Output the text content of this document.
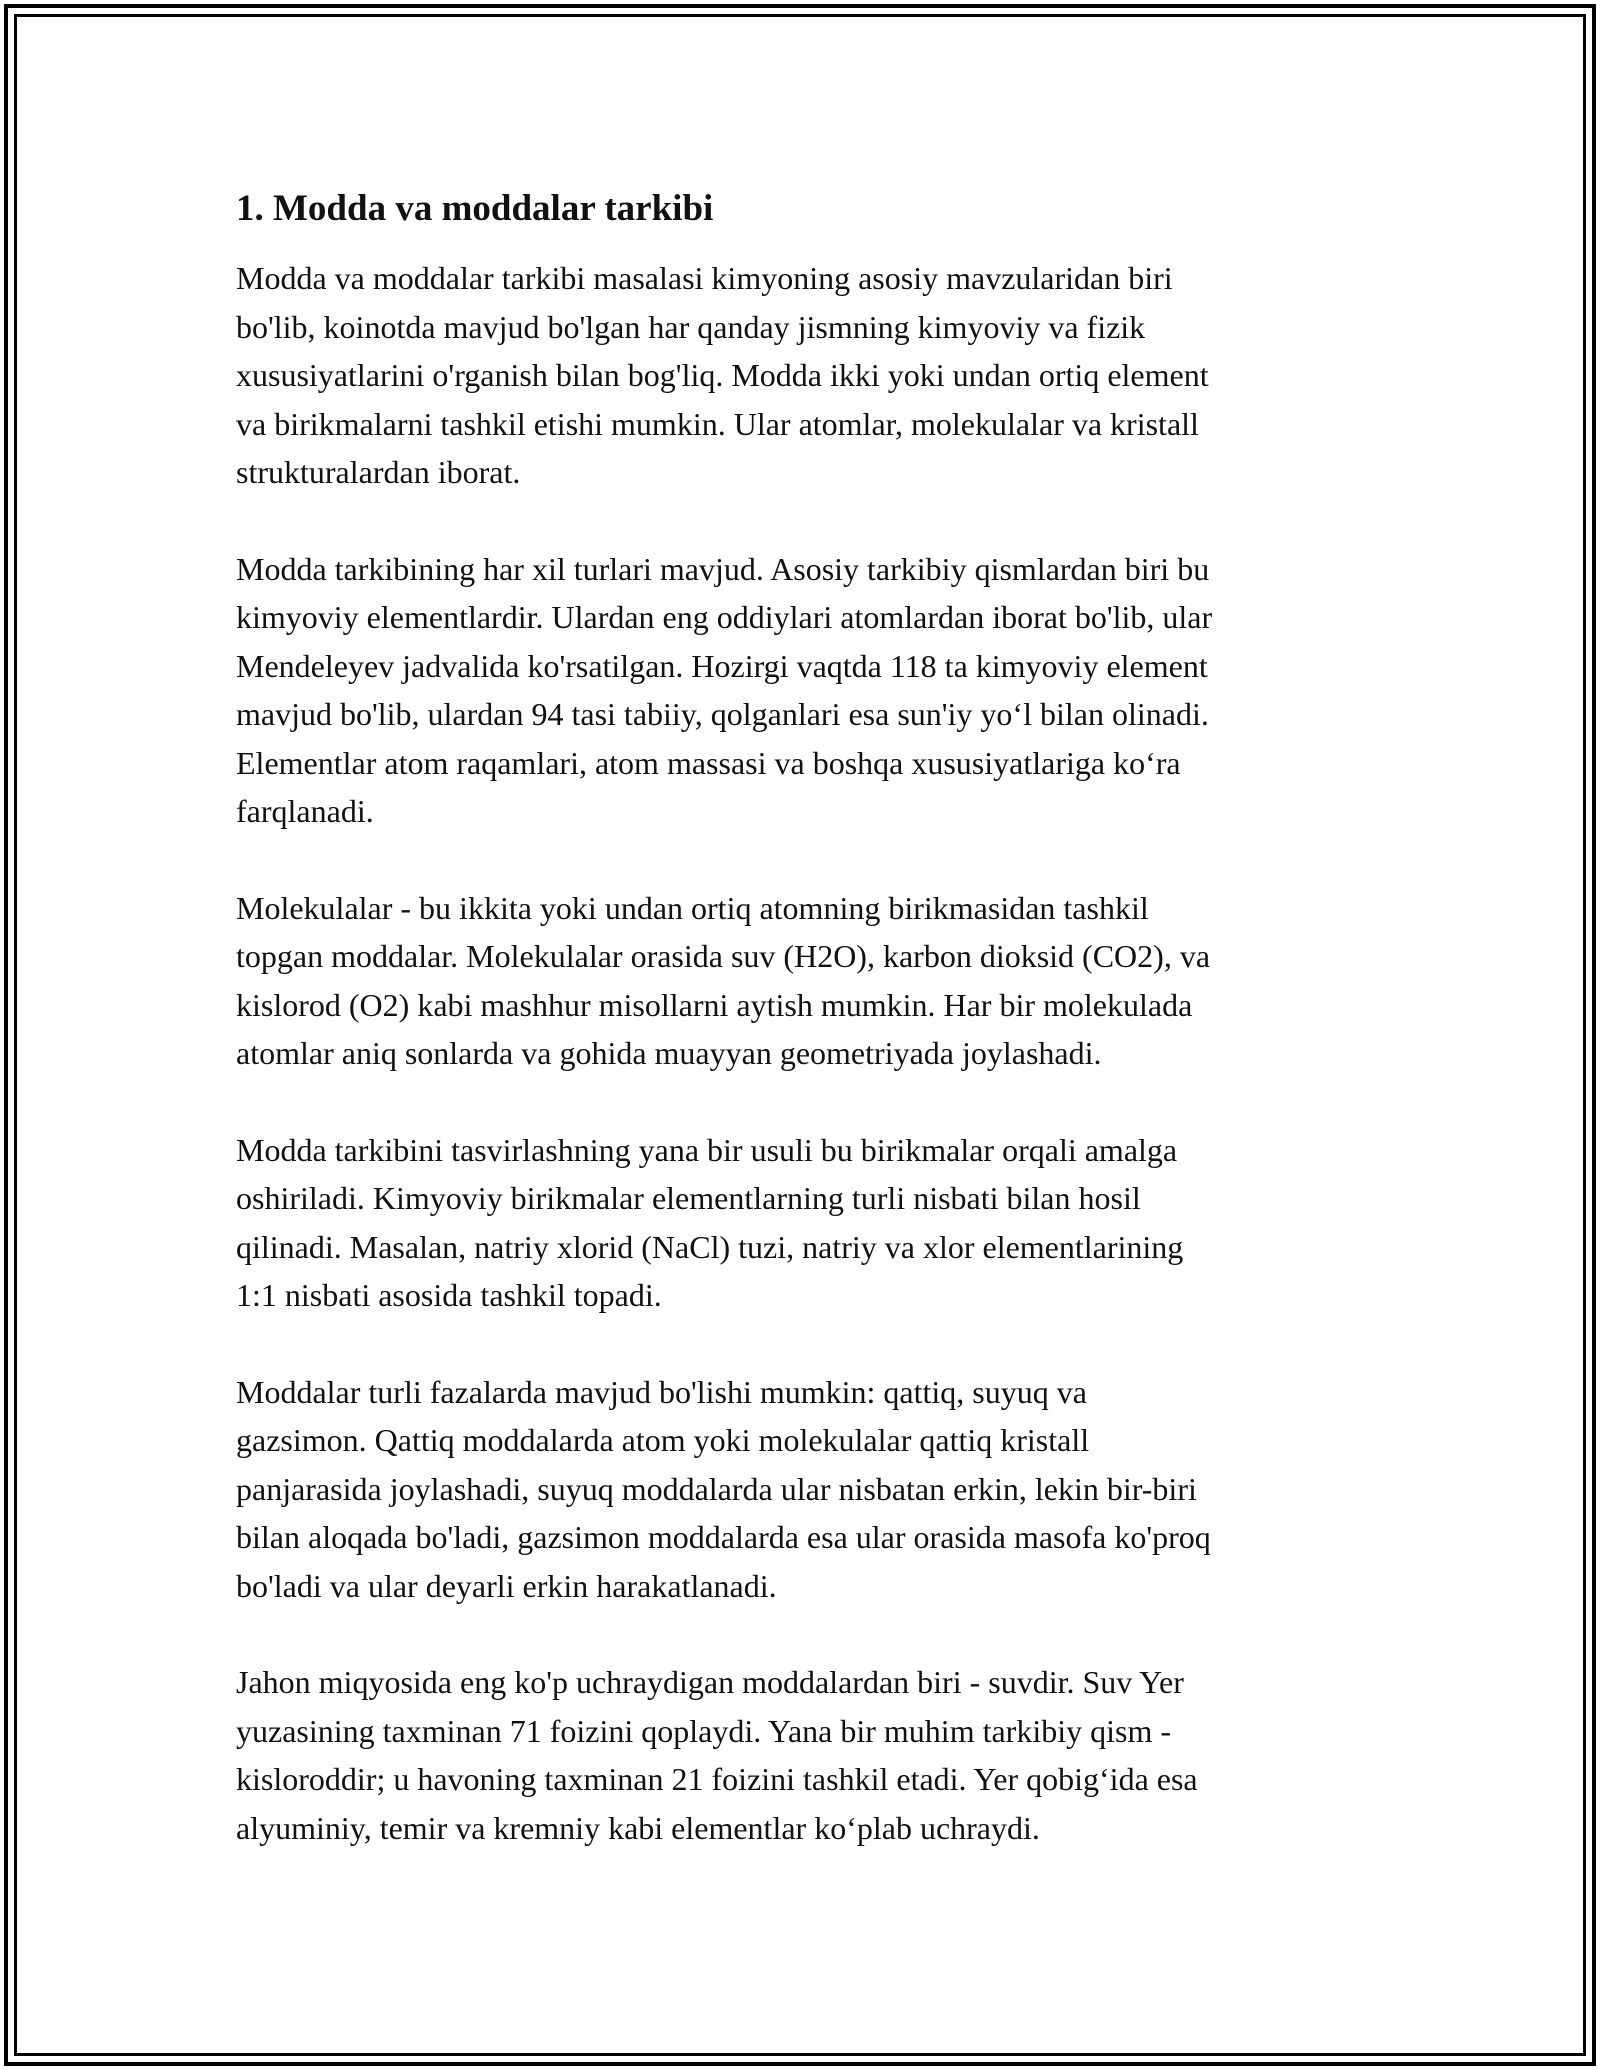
1. Modda va moddalar tarkibi

Modda va moddalar tarkibi masalasi kimyoning asosiy mavzularidan biri
bo'lib, koinotda mavjud bo'lgan har qanday jismning kimyoviy va fizik
xususiyatlarini o'rganish bilan bog'liq. Modda ikki yoki undan ortiq element
va birikmalarni tashkil etishi mumkin. Ular atomlar, molekulalar va kristall
strukturalardan iborat.

Modda tarkibining har xil turlari mavjud. Asosiy tarkibiy qismlardan biri bu
kimyoviy elementlardir. Ulardan eng oddiylari atomlardan iborat bo'lib, ular
Mendeleyev jadvalida ko'rsatilgan. Hozirgi vaqtda 118 ta kimyoviy element
mavjud bo'lib, ulardan 94 tasi tabiiy, qolganlari esa sun'iy yo‘l bilan olinadi.
Elementlar atom raqamlari, atom massasi va boshqa xususiyatlariga ko‘ra
farqlanadi.

Molekulalar - bu ikkita yoki undan ortiq atomning birikmasidan tashkil
topgan moddalar. Molekulalar orasida suv (H2O), karbon dioksid (CO2), va
kislorod (O2) kabi mashhur misollarni aytish mumkin. Har bir molekulada
atomlar aniq sonlarda va gohida muayyan geometriyada joylashadi.

Modda tarkibini tasvirlashning yana bir usuli bu birikmalar orqali amalga
oshiriladi. Kimyoviy birikmalar elementlarning turli nisbati bilan hosil
qilinadi. Masalan, natriy xlorid (NaCl) tuzi, natriy va xlor elementlarining
1:1 nisbati asosida tashkil topadi.

Moddalar turli fazalarda mavjud bo'lishi mumkin: qattiq, suyuq va
gazsimon. Qattiq moddalarda atom yoki molekulalar qattiq kristall
panjarasida joylashadi, suyuq moddalarda ular nisbatan erkin, lekin bir-biri
bilan aloqada bo'ladi, gazsimon moddalarda esa ular orasida masofa ko'proq
bo'ladi va ular deyarli erkin harakatlanadi.

Jahon miqyosida eng ko'p uchraydigan moddalardan biri - suvdir. Suv Yer
yuzasining taxminan 71 foizini qoplaydi. Yana bir muhim tarkibiy qism -
kisloroddir; u havoning taxminan 21 foizini tashkil etadi. Yer qobig‘ida esa
alyuminiy, temir va kremniy kabi elementlar ko‘plab uchraydi.
